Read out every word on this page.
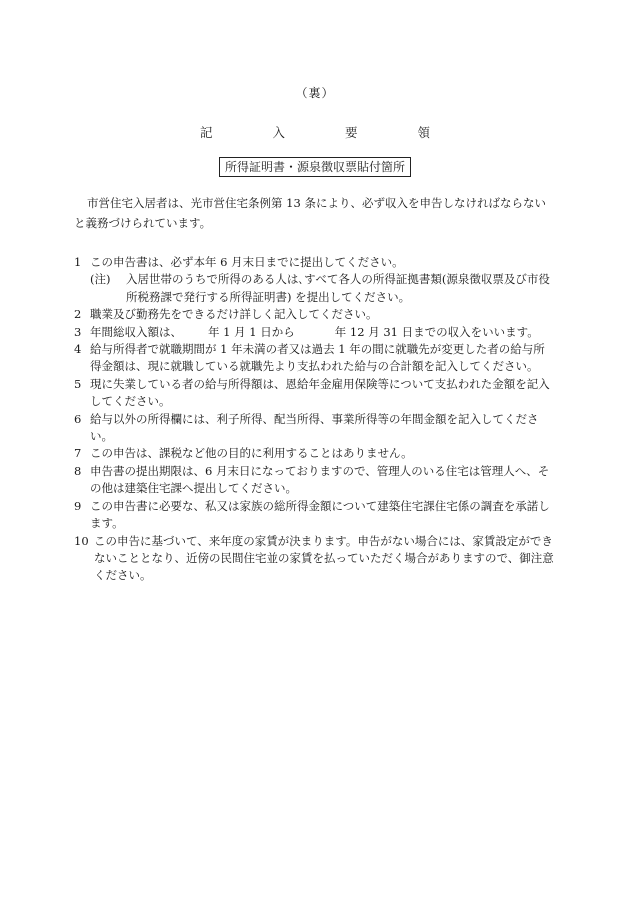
（裏）
記	入	要	領
所得証明書・源泉徴収票貼付箇所
市営住宅入居者は、光市営住宅条例第 13 条により、必ず収入を申告しなければならないと義務づけられています。
1 この申告書は、必ず本年 6 月末日までに提出してください。
(注) 入居世帯のうちで所得のある人は､すべて各人の所得証拠書類(源泉徴収票及び市役所税務課で発行する所得証明書) を提出してください。
2 職業及び勤務先をできるだけ詳しく記入してください。
3 年間総収入額は、 年 1 月 1 日から	年 12 月 31 日までの収入をいいます。
4 給与所得者で就職期間が 1 年未満の者又は過去 1 年の間に就職先が変更した者の給与所得金額は、現に就職している就職先より支払われた給与の合計額を記入してください。
5 現に失業している者の給与所得額は、恩給年金雇用保険等について支払われた金額を記入してください。
6 給与以外の所得欄には、利子所得、配当所得、事業所得等の年間金額を記入してください。
7 この申告は、課税など他の目的に利用することはありません。
8 申告書の提出期限は、6 月末日になっておりますので、管理人のいる住宅は管理人へ、その他は建築住宅課へ提出してください。
9 この申告書に必要な、私又は家族の総所得金額について建築住宅課住宅係の調査を承諾します。
10 この申告に基づいて、来年度の家賃が決まります。申告がない場合には、家賃設定ができないこととなり、近傍の民間住宅並の家賃を払っていただく場合がありますので、御注意ください。
